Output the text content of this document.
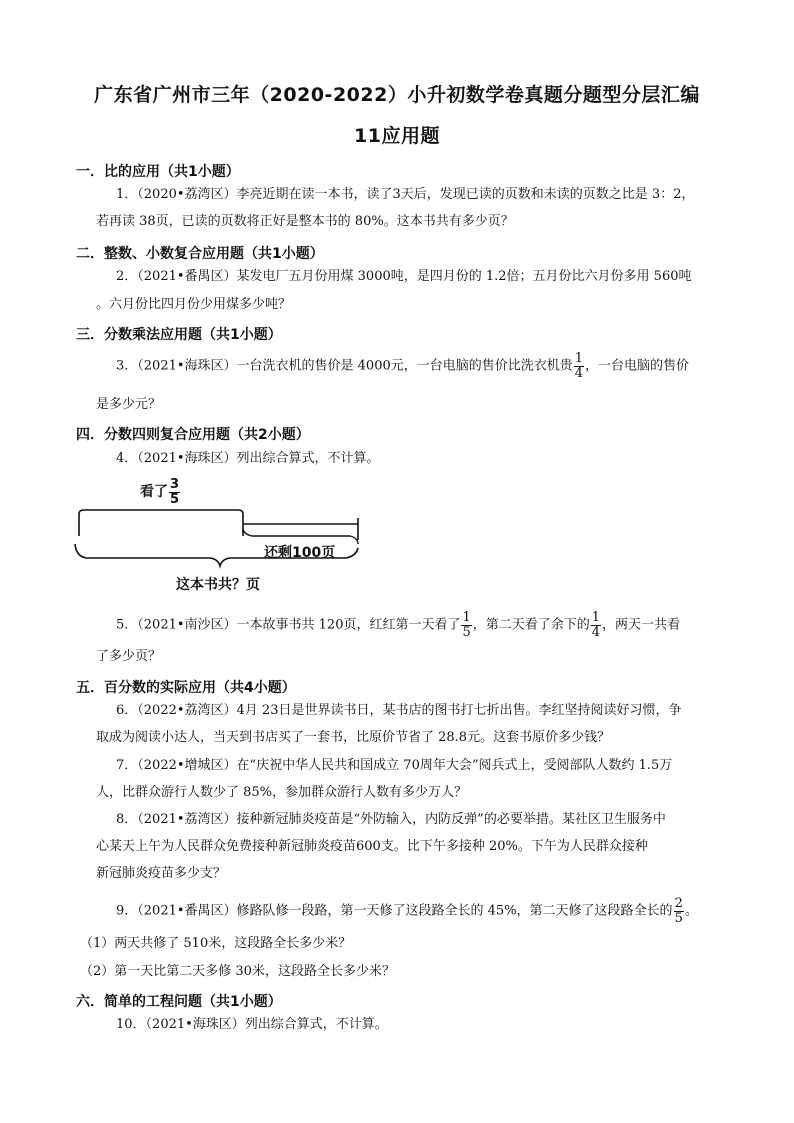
广东省广州市三年（2020-2022）小升初数学卷真题分题型分层汇编
11应用题
一．比的应用（共1小题）
1．（2020•荔湾区）李亮近期在读一本书，读了3天后，发现已读的页数和未读的页数之比是 3：2，
若再读 38页，已读的页数将正好是整本书的 80%。这本书共有多少页？
二．整数、小数复合应用题（共1小题）
2．（2021•番禺区）某发电厂五月份用煤 3000吨，是四月份的 1.2倍；五月份比六月份多用 560吨
。六月份比四月份少用煤多少吨？
三．分数乘法应用题（共1小题）
3．（2021•海珠区）一台洗衣机的售价是 4000元，一台电脑的售价比洗衣机贵 $\frac{1}{4}$ ，一台电脑的售价
是多少元？
四．分数四则复合应用题（共2小题）
4．（2021•海珠区）列出综合算式，不计算。
看了 $\frac{3}{5}$
还剩100页
这本书共？页
5．（2021•南沙区）一本故事书共 120页，红红第一天看了 $\frac{1}{5}$ ，第二天看了余下的 $\frac{1}{4}$ ，两天一共看
了多少页？
五．百分数的实际应用（共4小题）
6．（2022•荔湾区）4月 23日是世界读书日，某书店的图书打七折出售。李红坚持阅读好习惯，争
取成为阅读小达人，当天到书店买了一套书，比原价节省了 28.8元。这套书原价多少钱？
7．（2022•增城区）在“庆祝中华人民共和国成立 70周年大会”阅兵式上，受阅部队人数约 1.5万
人，比群众游行人数少了 85%，参加群众游行人数有多少万人？
8．（2021•荔湾区）接种新冠肺炎疫苗是“外防输入，内防反弹”的必要举措。某社区卫生服务中
心某天上午为人民群众免费接种新冠肺炎疫苗600支。比下午多接种 20%。下午为人民群众接种
新冠肺炎疫苗多少支？
9．（2021•番禺区）修路队修一段路，第一天修了这段路全长的 45%，第二天修了这段路全长的 $\frac{2}{5}$ 。
（1）两天共修了 510米，这段路全长多少米？
（2）第一天比第二天多修 30米，这段路全长多少米？
六．简单的工程问题（共1小题）
10．（2021•海珠区）列出综合算式，不计算。
